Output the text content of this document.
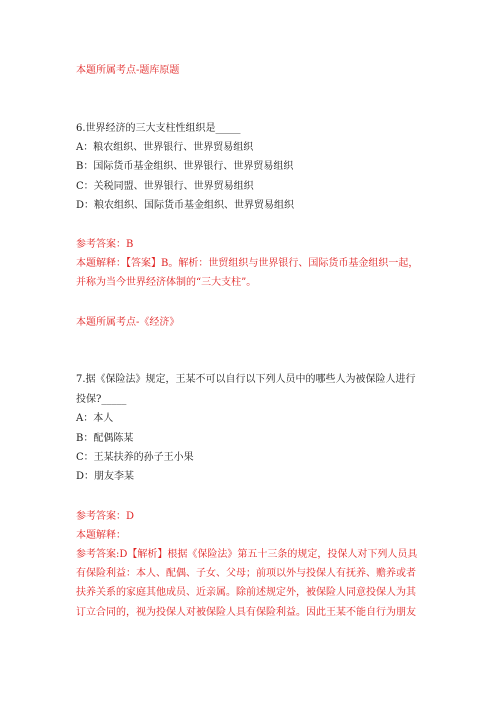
本题所属考点-题库原题
6.世界经济的三大支柱性组织是_____
A：粮农组织、世界银行、世界贸易组织
B：国际货币基金组织、世界银行、世界贸易组织
C：关税同盟、世界银行、世界贸易组织
D：粮农组织、国际货币基金组织、世界贸易组织
参考答案：B
本题解释：【答案】B。解析：世贸组织与世界银行、国际货币基金组织一起，
并称为当今世界经济体制的“三大支柱”。
本题所属考点-《经济》
7.据《保险法》规定，王某不可以自行以下列人员中的哪些人为被保险人进行
投保?_____
A：本人
B：配偶陈某
C：王某扶养的孙子王小果
D：朋友李某
参考答案：D
本题解释：
参考答案:D【解析】根据《保险法》第五十三条的规定，投保人对下列人员具
有保险利益：本人、配偶、子女、父母；前项以外与投保人有抚养、赡养或者
扶养关系的家庭其他成员、近亲属。除前述规定外，被保险人同意投保人为其
订立合同的，视为投保人对被保险人具有保险利益。因此王某不能自行为朋友
